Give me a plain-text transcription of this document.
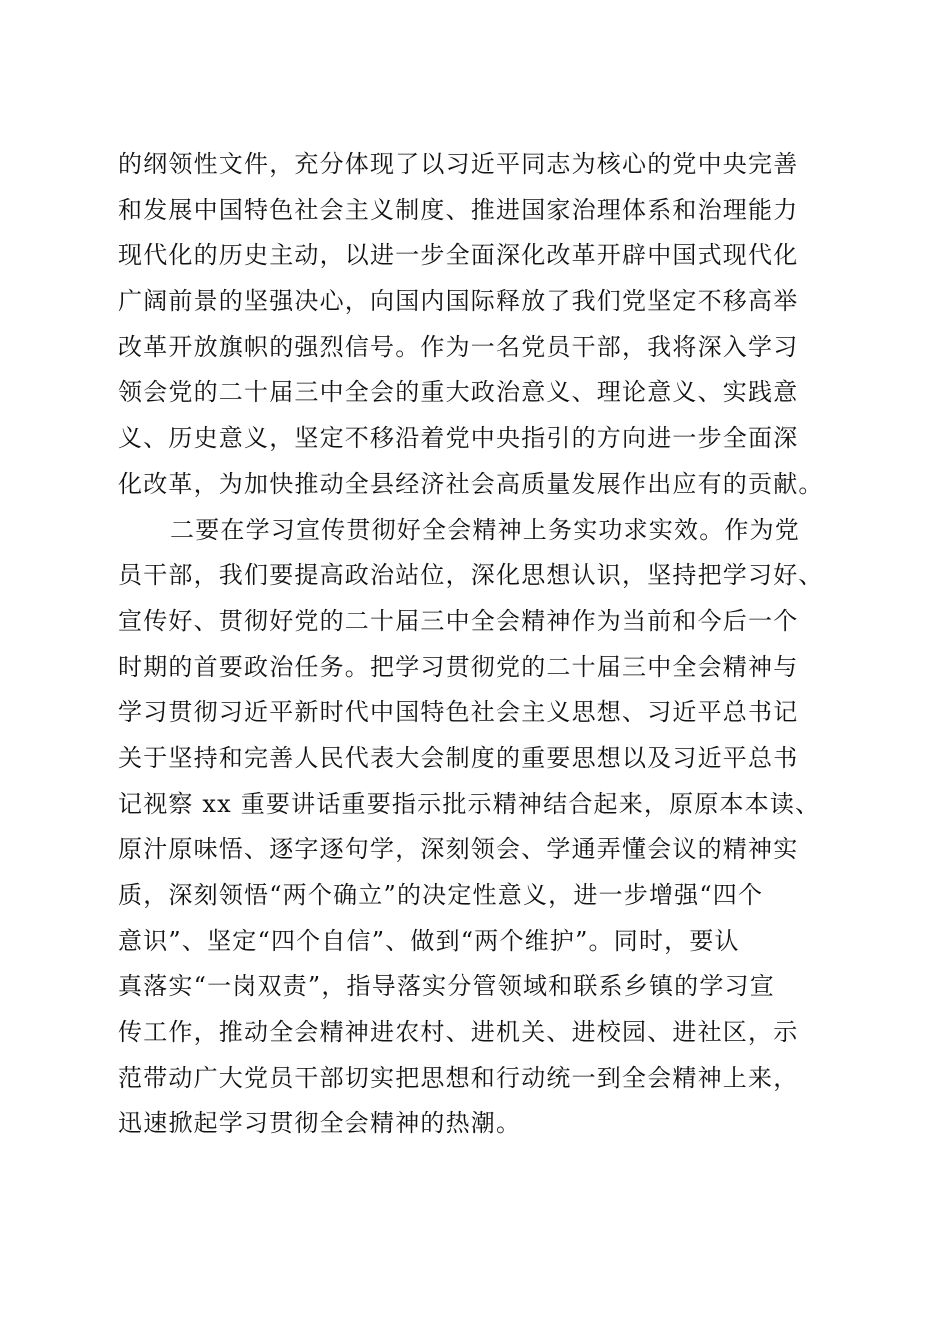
的纲领性文件，充分体现了以习近平同志为核心的党中央完善
和发展中国特色社会主义制度、推进国家治理体系和治理能力
现代化的历史主动，以进一步全面深化改革开辟中国式现代化
广阔前景的坚强决心，向国内国际释放了我们党坚定不移高举
改革开放旗帜的强烈信号。作为一名党员干部，我将深入学习
领会党的二十届三中全会的重大政治意义、理论意义、实践意
义、历史意义，坚定不移沿着党中央指引的方向进一步全面深
化改革，为加快推动全县经济社会高质量发展作出应有的贡献。
二要在学习宣传贯彻好全会精神上务实功求实效。作为党
员干部，我们要提高政治站位，深化思想认识，坚持把学习好、
宣传好、贯彻好党的二十届三中全会精神作为当前和今后一个
时期的首要政治任务。把学习贯彻党的二十届三中全会精神与
学习贯彻习近平新时代中国特色社会主义思想、习近平总书记
关于坚持和完善人民代表大会制度的重要思想以及习近平总书
记视察 xx 重要讲话重要指示批示精神结合起来，原原本本读、
原汁原味悟、逐字逐句学，深刻领会、学通弄懂会议的精神实
质，深刻领悟“两个确立”的决定性意义，进一步增强“四个
意识”、坚定“四个自信”、做到“两个维护”。同时，要认
真落实“一岗双责”，指导落实分管领域和联系乡镇的学习宣
传工作，推动全会精神进农村、进机关、进校园、进社区，示
范带动广大党员干部切实把思想和行动统一到全会精神上来，
迅速掀起学习贯彻全会精神的热潮。
